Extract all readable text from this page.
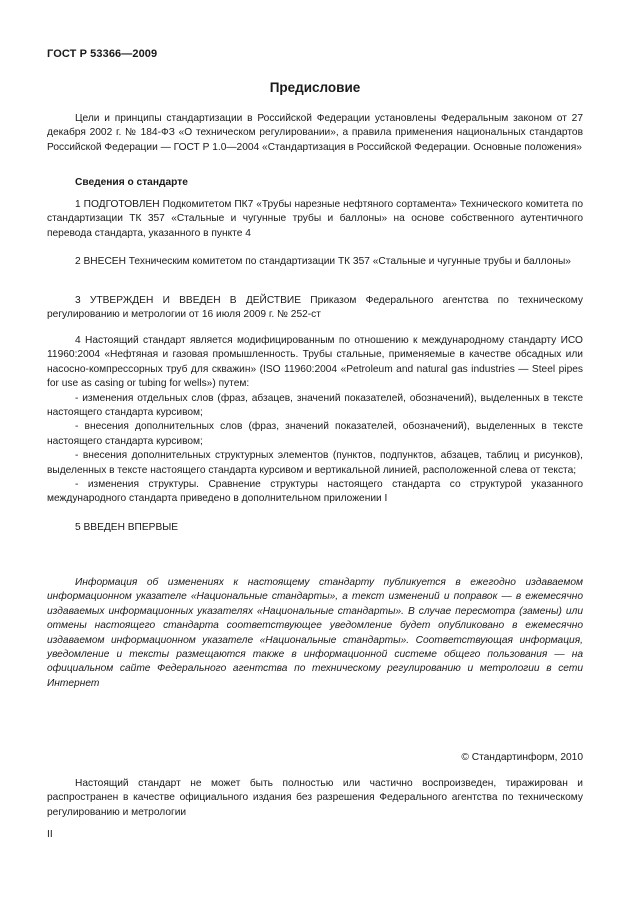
ГОСТ Р 53366—2009
Предисловие

Цели и принципы стандартизации в Российской Федерации установлены Федеральным законом от 27 декабря 2002 г. № 184-ФЗ «О техническом регулировании», а правила применения национальных стандартов Российской Федерации — ГОСТ Р 1.0—2004 «Стандартизация в Российской Федерации. Основные положения»

Сведения о стандарте

1 ПОДГОТОВЛЕН Подкомитетом ПК7 «Трубы нарезные нефтяного сортамента» Технического комитета по стандартизации ТК 357 «Стальные и чугунные трубы и баллоны» на основе собственного аутентичного перевода стандарта, указанного в пункте 4

2 ВНЕСЕН Техническим комитетом по стандартизации ТК 357 «Стальные и чугунные трубы и баллоны»

3 УТВЕРЖДЕН И ВВЕДЕН В ДЕЙСТВИЕ Приказом Федерального агентства по техническому регулированию и метрологии от 16 июля 2009 г. № 252-ст

4 Настоящий стандарт является модифицированным по отношению к международному стандарту ИСО 11960:2004 «Нефтяная и газовая промышленность. Трубы стальные, применяемые в качестве обсадных или насосно-компрессорных труб для скважин» (ISO 11960:2004 «Petroleum and natural gas industries — Steel pipes for use as casing or tubing for wells») путем:

- изменения отдельных слов (фраз, абзацев, значений показателей, обозначений), выделенных в тексте настоящего стандарта курсивом;

- внесения дополнительных слов (фраз, значений показателей, обозначений), выделенных в тексте настоящего стандарта курсивом;

- внесения дополнительных структурных элементов (пунктов, подпунктов, абзацев, таблиц и рисунков), выделенных в тексте настоящего стандарта курсивом и вертикальной линией, расположенной слева от текста;

- изменения структуры. Сравнение структуры настоящего стандарта со структурой указанного международного стандарта приведено в дополнительном приложении I

5 ВВЕДЕН ВПЕРВЫЕ

Информация об изменениях к настоящему стандарту публикуется в ежегодно издаваемом информационном указателе «Национальные стандарты», а текст изменений и поправок — в ежемесячно издаваемых информационных указателях «Национальные стандарты». В случае пересмотра (замены) или отмены настоящего стандарта соответствующее уведомление будет опубликовано в ежемесячно издаваемом информационном указателе «Национальные стандарты». Соответствующая информация, уведомление и тексты размещаются также в информационной системе общего пользования — на официальном сайте Федерального агентства по техническому регулированию и метрологии в сети Интернет

© Стандартинформ, 2010

Настоящий стандарт не может быть полностью или частично воспроизведен, тиражирован и распространен в качестве официального издания без разрешения Федерального агентства по техническому регулированию и метрологии

II
